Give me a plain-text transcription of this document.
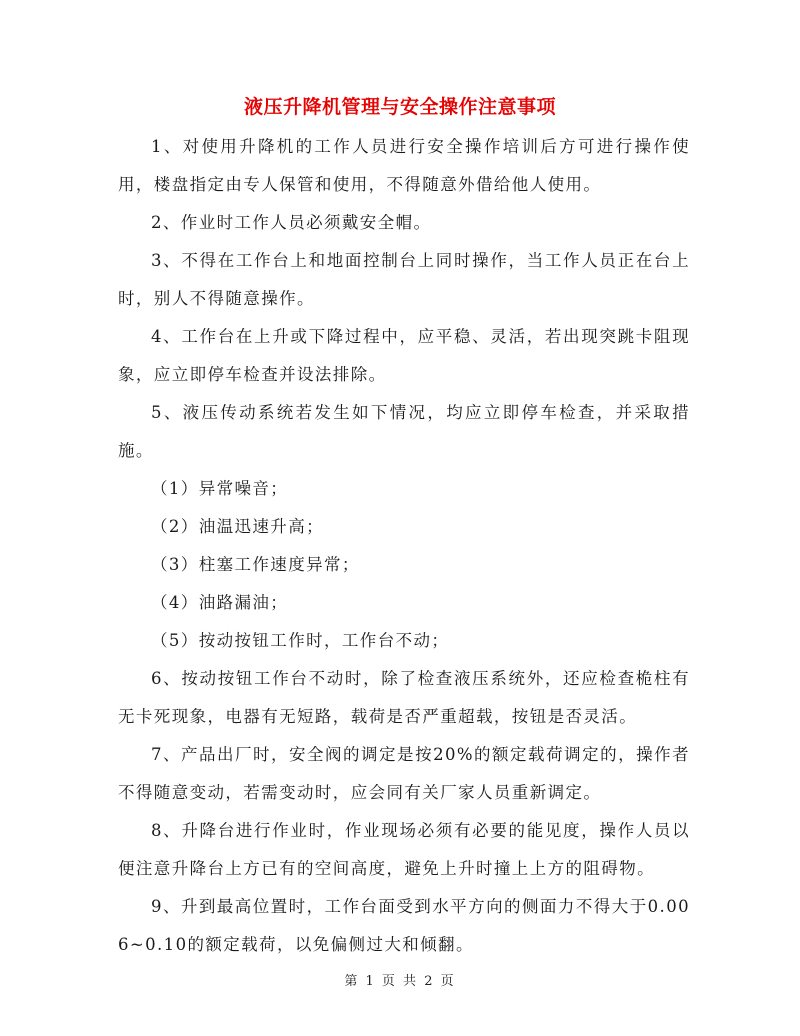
液压升降机管理与安全操作注意事项

1、对使用升降机的工作人员进行安全操作培训后方可进行操作使用，楼盘指定由专人保管和使用，不得随意外借给他人使用。

2、作业时工作人员必须戴安全帽。

3、不得在工作台上和地面控制台上同时操作，当工作人员正在台上时，别人不得随意操作。

4、工作台在上升或下降过程中，应平稳、灵活，若出现突跳卡阻现象，应立即停车检查并设法排除。

5、液压传动系统若发生如下情况，均应立即停车检查，并采取措施。

（1）异常噪音；

（2）油温迅速升高；

（3）柱塞工作速度异常；

（4）油路漏油；

（5）按动按钮工作时，工作台不动；

6、按动按钮工作台不动时，除了检查液压系统外，还应检查桅柱有无卡死现象，电器有无短路，载荷是否严重超载，按钮是否灵活。

7、产品出厂时，安全阀的调定是按20%的额定载荷调定的，操作者不得随意变动，若需变动时，应会同有关厂家人员重新调定。

8、升降台进行作业时，作业现场必须有必要的能见度，操作人员以便注意升降台上方已有的空间高度，避免上升时撞上上方的阻碍物。

9、升到最高位置时，工作台面受到水平方向的侧面力不得大于0.006~0.10的额定载荷，以免偏侧过大和倾翻。

第 1 页 共 2 页
